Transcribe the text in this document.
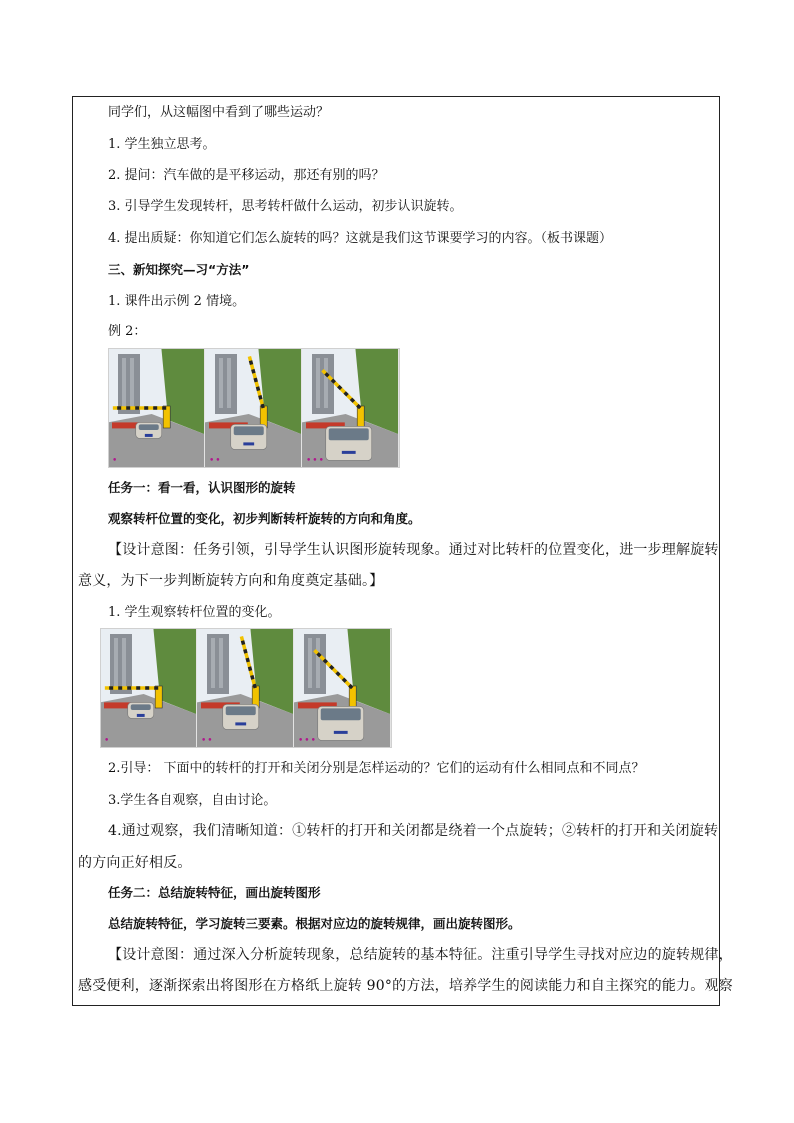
同学们，从这幅图中看到了哪些运动？
1. 学生独立思考。
2. 提问：汽车做的是平移运动，那还有别的吗？
3. 引导学生发现转杆，思考转杆做什么运动，初步认识旋转。
4. 提出质疑：你知道它们怎么旋转的吗？这就是我们这节课要学习的内容。（板书课题）
三、新知探究—习“方法”
1. 课件出示例 2 情境。
例 2：
•	••	•••
任务一：看一看，认识图形的旋转
观察转杆位置的变化，初步判断转杆旋转的方向和角度。
【设计意图：任务引领，引导学生认识图形旋转现象。通过对比转杆的位置变化，进一步理解旋转
意义，为下一步判断旋转方向和角度奠定基础。】
1. 学生观察转杆位置的变化。
•	••	•••
2.引导： 下面中的转杆的打开和关闭分别是怎样运动的？它们的运动有什么相同点和不同点？
3.学生各自观察，自由讨论。
4.通过观察，我们清晰知道：①转杆的打开和关闭都是绕着一个点旋转；②转杆的打开和关闭旋转
的方向正好相反。
任务二：总结旋转特征，画出旋转图形
总结旋转特征，学习旋转三要素。根据对应边的旋转规律，画出旋转图形。
【设计意图：通过深入分析旋转现象，总结旋转的基本特征。注重引导学生寻找对应边的旋转规律，
感受便利，逐渐探索出将图形在方格纸上旋转 90°的方法，培养学生的阅读能力和自主探究的能力。观察
